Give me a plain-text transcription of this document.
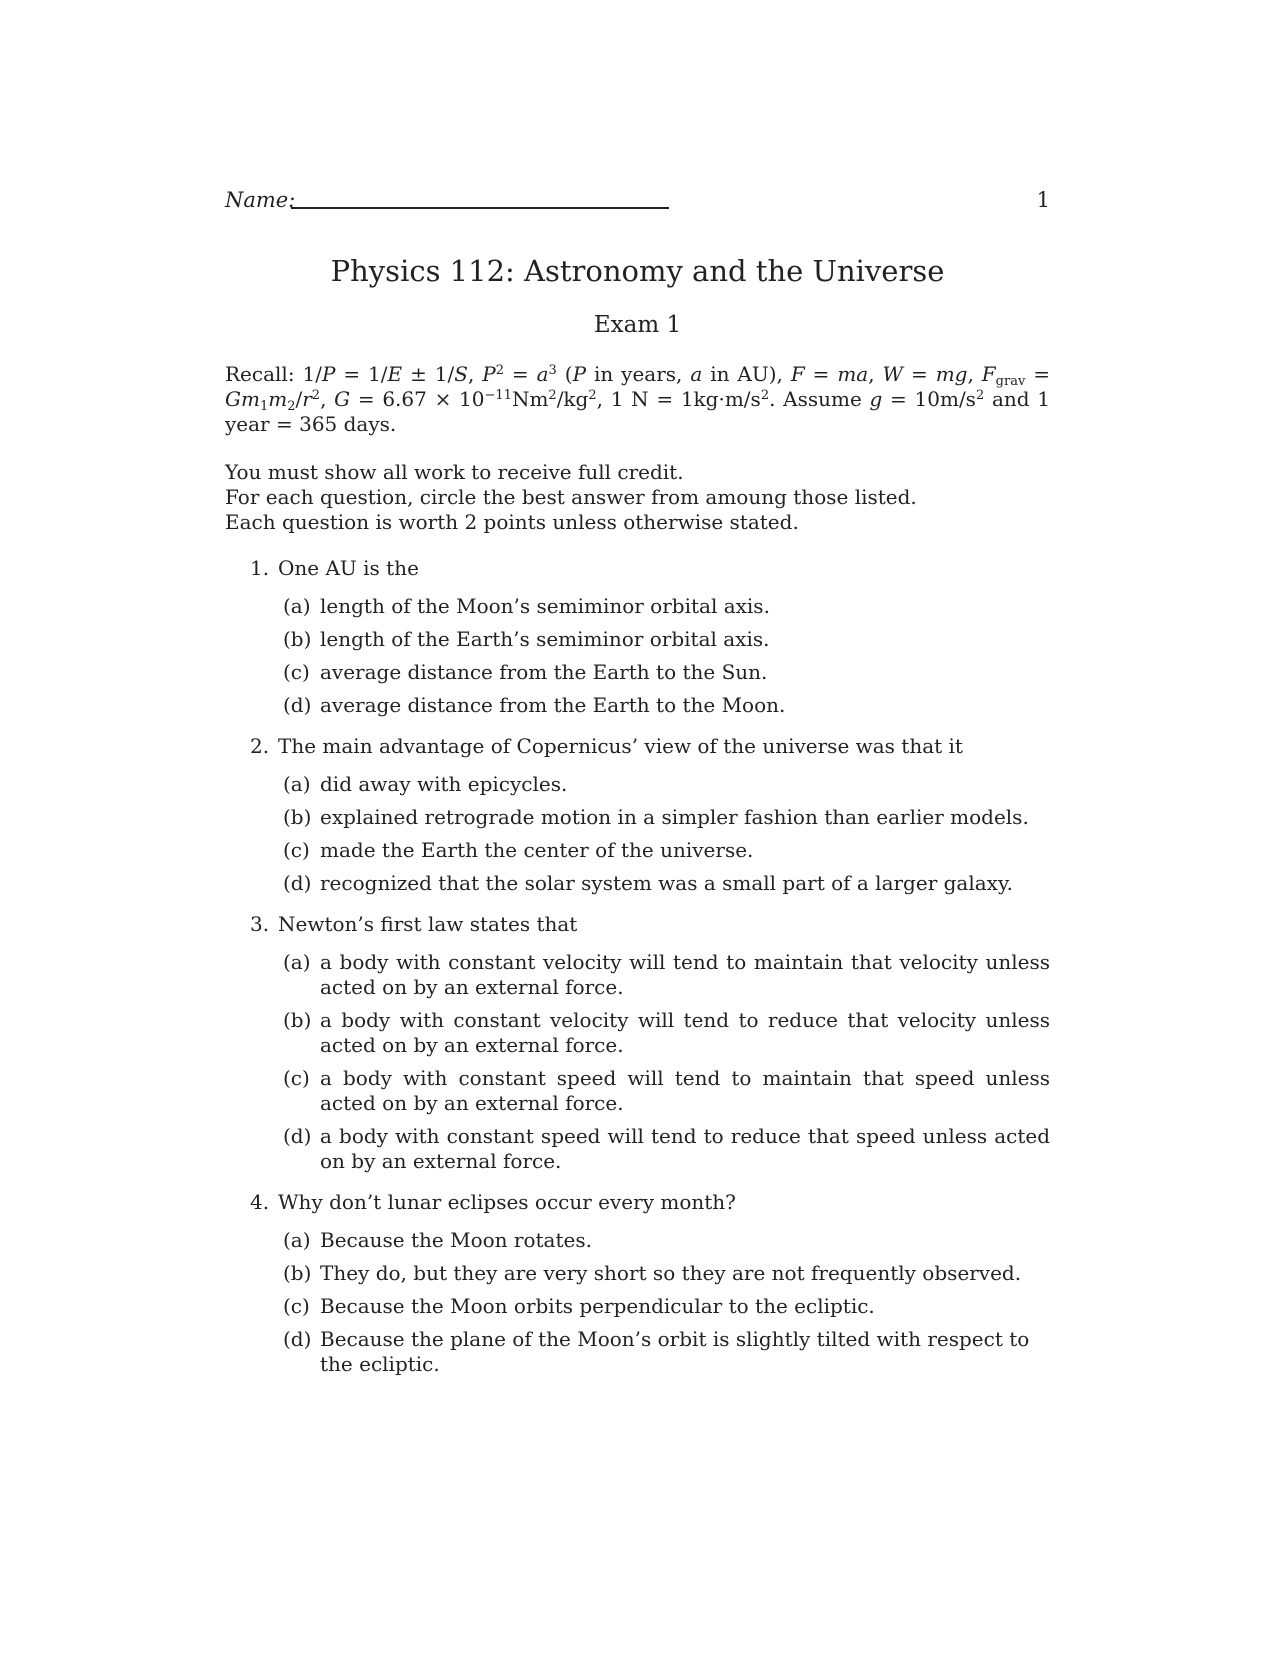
Name:	1
Physics 112: Astronomy and the Universe
Exam 1
Recall: 1/P = 1/E ± 1/S, $P^2 = a^3$ (P in years, a in AU), F = ma, W = mg, $F_{grav} = Gm_1m_2/r^2$, $G = 6.67 \times 10^{-11}Nm^2/kg^2$, 1 $N = 1kg\cdot m/s^2$. Assume $g = 10m/s^2$ and 1 year = 365 days.
You must show all work to receive full credit.
For each question, circle the best answer from amoung those listed.
Each question is worth 2 points unless otherwise stated.
1. One AU is the
(a) length of the Moon’s semiminor orbital axis.
(b) length of the Earth’s semiminor orbital axis.
(c) average distance from the Earth to the Sun.
(d) average distance from the Earth to the Moon.
2. The main advantage of Copernicus’ view of the universe was that it
(a) did away with epicycles.
(b) explained retrograde motion in a simpler fashion than earlier models.
(c) made the Earth the center of the universe.
(d) recognized that the solar system was a small part of a larger galaxy.
3. Newton’s first law states that
(a) a body with constant velocity will tend to maintain that velocity unless acted on by an external force.
(b) a body with constant velocity will tend to reduce that velocity unless acted on by an external force.
(c) a body with constant speed will tend to maintain that speed unless acted on by an external force.
(d) a body with constant speed will tend to reduce that speed unless acted on by an external force.
4. Why don’t lunar eclipses occur every month?
(a) Because the Moon rotates.
(b) They do, but they are very short so they are not frequently observed.
(c) Because the Moon orbits perpendicular to the ecliptic.
(d) Because the plane of the Moon’s orbit is slightly tilted with respect to the ecliptic.
